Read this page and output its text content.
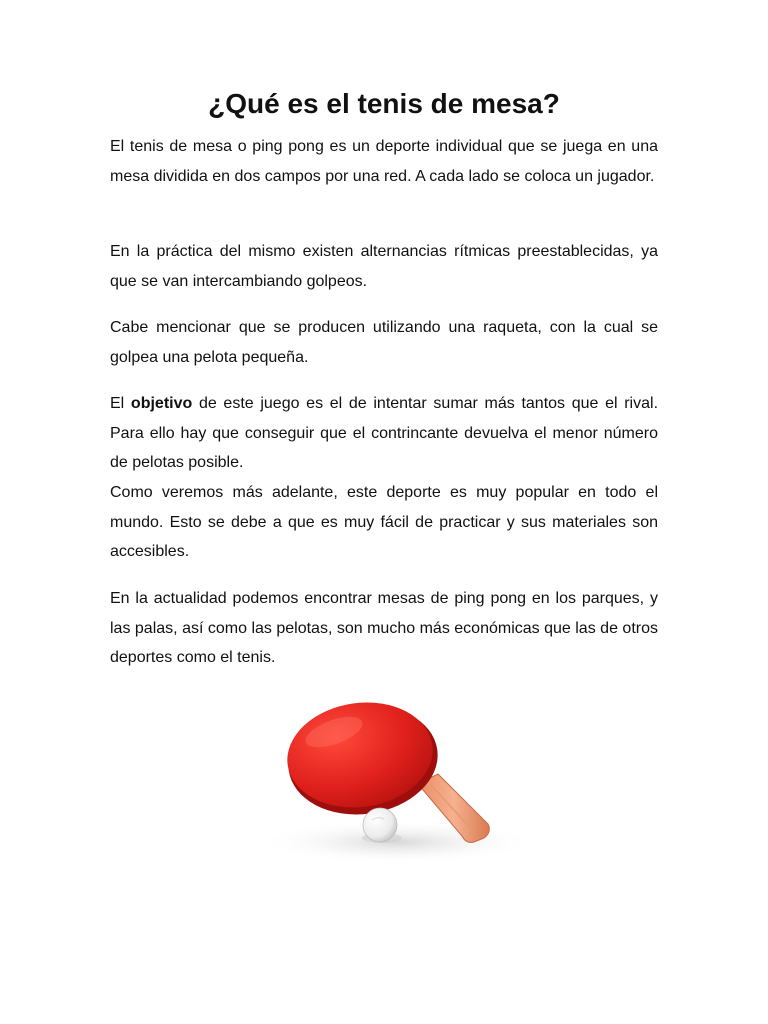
¿Qué es el tenis de mesa?

El tenis de mesa o ping pong es un deporte individual que se juega en una mesa dividida en dos campos por una red. A cada lado se coloca un jugador.

En la práctica del mismo existen alternancias rítmicas preestablecidas, ya que se van intercambiando golpeos.

Cabe mencionar que se producen utilizando una raqueta, con la cual se golpea una pelota pequeña.

El objetivo de este juego es el de intentar sumar más tantos que el rival. Para ello hay que conseguir que el contrincante devuelva el menor número de pelotas posible.

Como veremos más adelante, este deporte es muy popular en todo el mundo. Esto se debe a que es muy fácil de practicar y sus materiales son accesibles.

En la actualidad podemos encontrar mesas de ping pong en los parques, y las palas, así como las pelotas, son mucho más económicas que las de otros deportes como el tenis.
